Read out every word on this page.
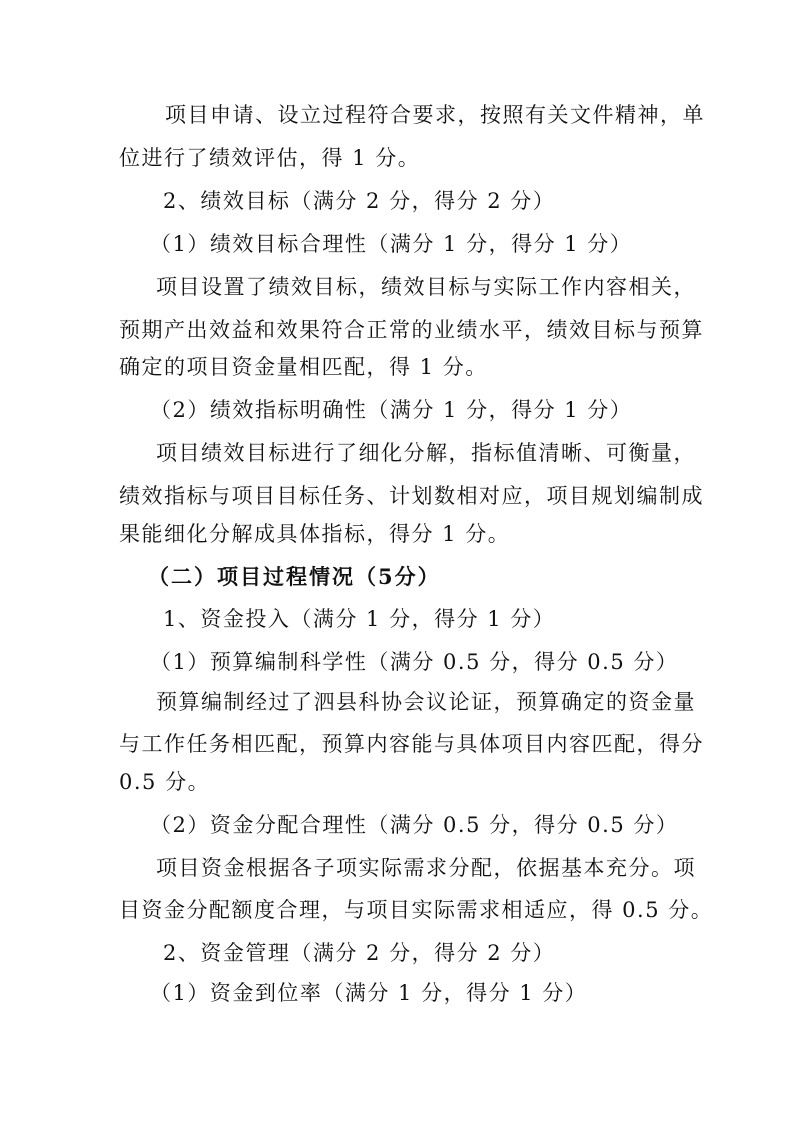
项目申请、设立过程符合要求，按照有关文件精神，单
位进行了绩效评估，得 1 分。
2、绩效目标（满分 2 分，得分 2 分）
（1）绩效目标合理性（满分 1 分，得分 1 分）
项目设置了绩效目标，绩效目标与实际工作内容相关，
预期产出效益和效果符合正常的业绩水平，绩效目标与预算
确定的项目资金量相匹配，得 1 分。
（2）绩效指标明确性（满分 1 分，得分 1 分）
项目绩效目标进行了细化分解，指标值清晰、可衡量，
绩效指标与项目目标任务、计划数相对应，项目规划编制成
果能细化分解成具体指标，得分 1 分。
（二）项目过程情况（5分）
1、资金投入（满分 1 分，得分 1 分）
（1）预算编制科学性（满分 0.5 分，得分 0.5 分）
预算编制经过了泗县科协会议论证，预算确定的资金量
与工作任务相匹配，预算内容能与具体项目内容匹配，得分
0.5 分。
（2）资金分配合理性（满分 0.5 分，得分 0.5 分）
项目资金根据各子项实际需求分配，依据基本充分。项
目资金分配额度合理，与项目实际需求相适应，得 0.5 分。
2、资金管理（满分 2 分，得分 2 分）
（1）资金到位率（满分 1 分，得分 1 分）
